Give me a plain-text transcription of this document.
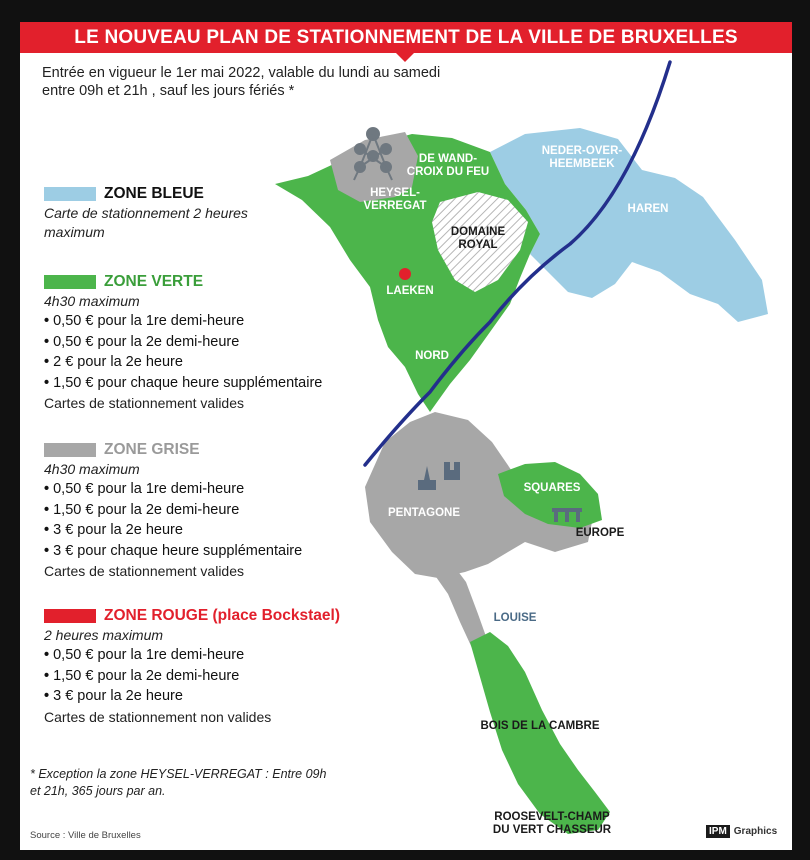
LE NOUVEAU PLAN DE STATIONNEMENT DE LA VILLE DE BRUXELLES
Entrée en vigueur le 1er mai 2022, valable du lundi au samedi entre 09h et 21h , sauf les jours fériés *
DE WAND-CROIX DU FEU
NEDER-OVER-HEEMBEEK
HEYSEL-VERREGAT
DOMAINE ROYAL
HAREN
LAEKEN
NORD
SQUARES
PENTAGONE
EUROPE
LOUISE
BOIS DE LA CAMBRE
ROOSEVELT-CHAMP DU VERT CHASSEUR
ZONE BLEUE
Carte de stationnement 2 heures maximum
ZONE VERTE
4h30 maximum
• 0,50 € pour la 1re demi-heure
• 0,50 € pour la 2e demi-heure
• 2 € pour la 2e heure
• 1,50 € pour chaque heure supplémentaire
Cartes de stationnement valides
ZONE GRISE
4h30 maximum
• 0,50 € pour la 1re demi-heure
• 1,50 € pour la 2e demi-heure
• 3 € pour la 2e heure
• 3 € pour chaque heure supplémentaire
Cartes de stationnement valides
ZONE ROUGE (place Bockstael)
2 heures maximum
• 0,50 € pour la 1re demi-heure
• 1,50 € pour la 2e demi-heure
• 3 € pour la 2e heure
Cartes de stationnement non valides
* Exception la zone HEYSEL-VERREGAT : Entre 09h et 21h, 365 jours par an.
Source : Ville de Bruxelles	IPM Graphics
